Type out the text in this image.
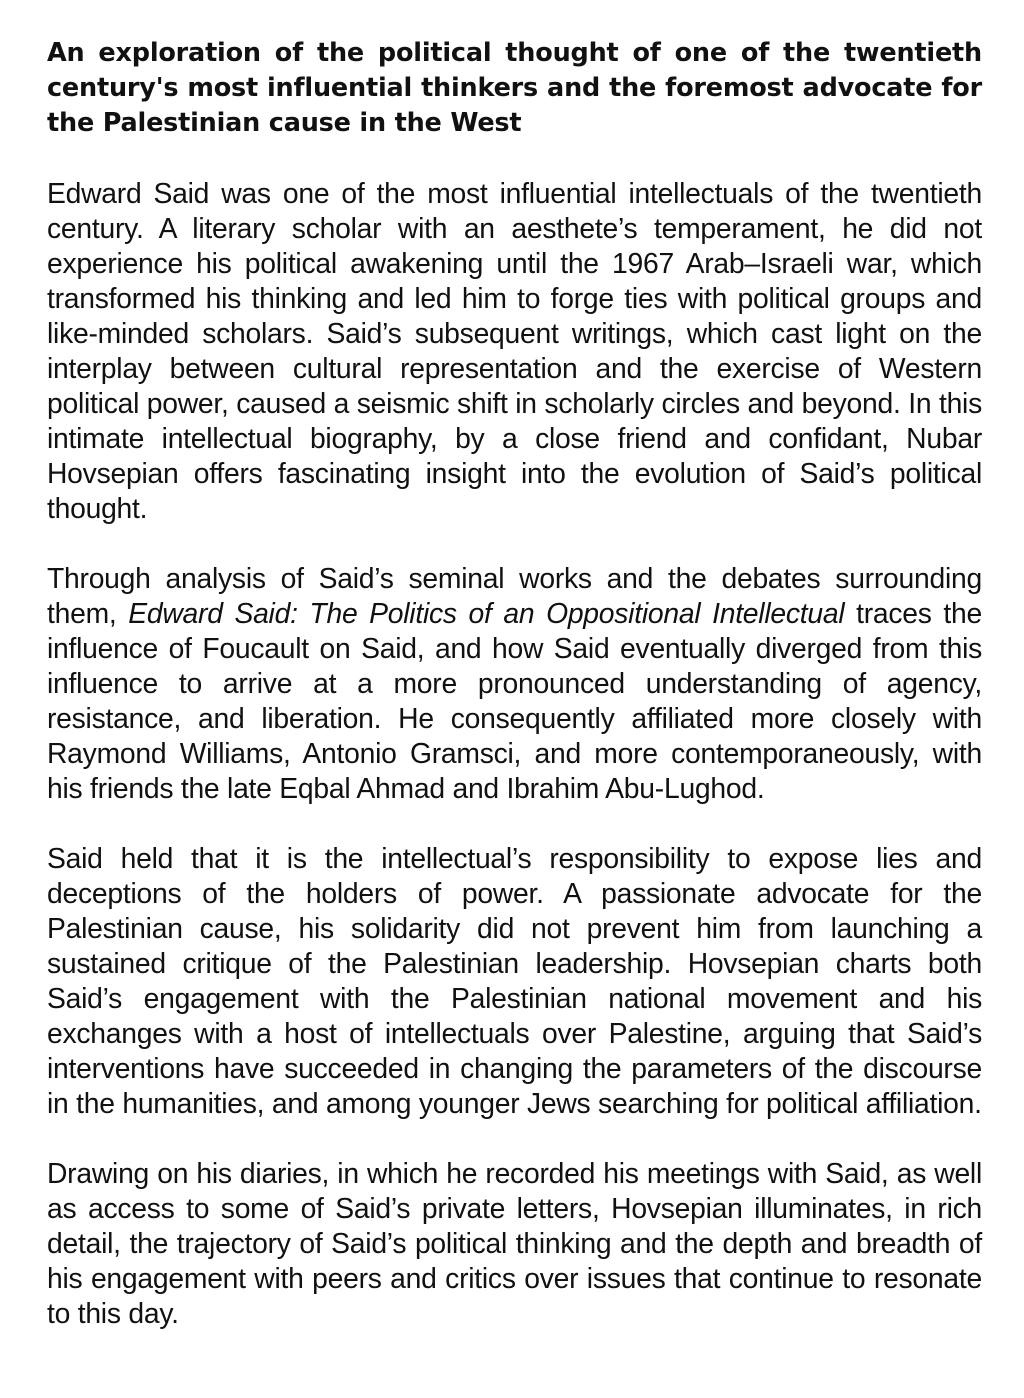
An exploration of the political thought of one of the twentieth century's most influential thinkers and the foremost advocate for the Palestinian cause in the West

Edward Said was one of the most influential intellectuals of the twentieth century. A literary scholar with an aesthete’s temperament, he did not experience his political awakening until the 1967 Arab–Israeli war, which transformed his thinking and led him to forge ties with political groups and like-minded scholars. Said’s subsequent writings, which cast light on the interplay between cultural representation and the exercise of Western political power, caused a seismic shift in scholarly circles and beyond. In this intimate intellectual biography, by a close friend and confidant, Nubar Hovsepian offers fascinating insight into the evolution of Said’s political thought.

Through analysis of Said’s seminal works and the debates surrounding them, Edward Said: The Politics of an Oppositional Intellectual traces the influence of Foucault on Said, and how Said eventually diverged from this influence to arrive at a more pronounced understanding of agency, resistance, and liberation. He consequently affiliated more closely with Raymond Williams, Antonio Gramsci, and more contemporaneously, with his friends the late Eqbal Ahmad and Ibrahim Abu-Lughod.

Said held that it is the intellectual’s responsibility to expose lies and deceptions of the holders of power. A passionate advocate for the Palestinian cause, his solidarity did not prevent him from launching a sustained critique of the Palestinian leadership. Hovsepian charts both Said’s engagement with the Palestinian national movement and his exchanges with a host of intellectuals over Palestine, arguing that Said’s interventions have succeeded in changing the parameters of the discourse in the humanities, and among younger Jews searching for political affiliation.

Drawing on his diaries, in which he recorded his meetings with Said, as well as access to some of Said’s private letters, Hovsepian illuminates, in rich detail, the trajectory of Said’s political thinking and the depth and breadth of his engagement with peers and critics over issues that continue to resonate to this day.
